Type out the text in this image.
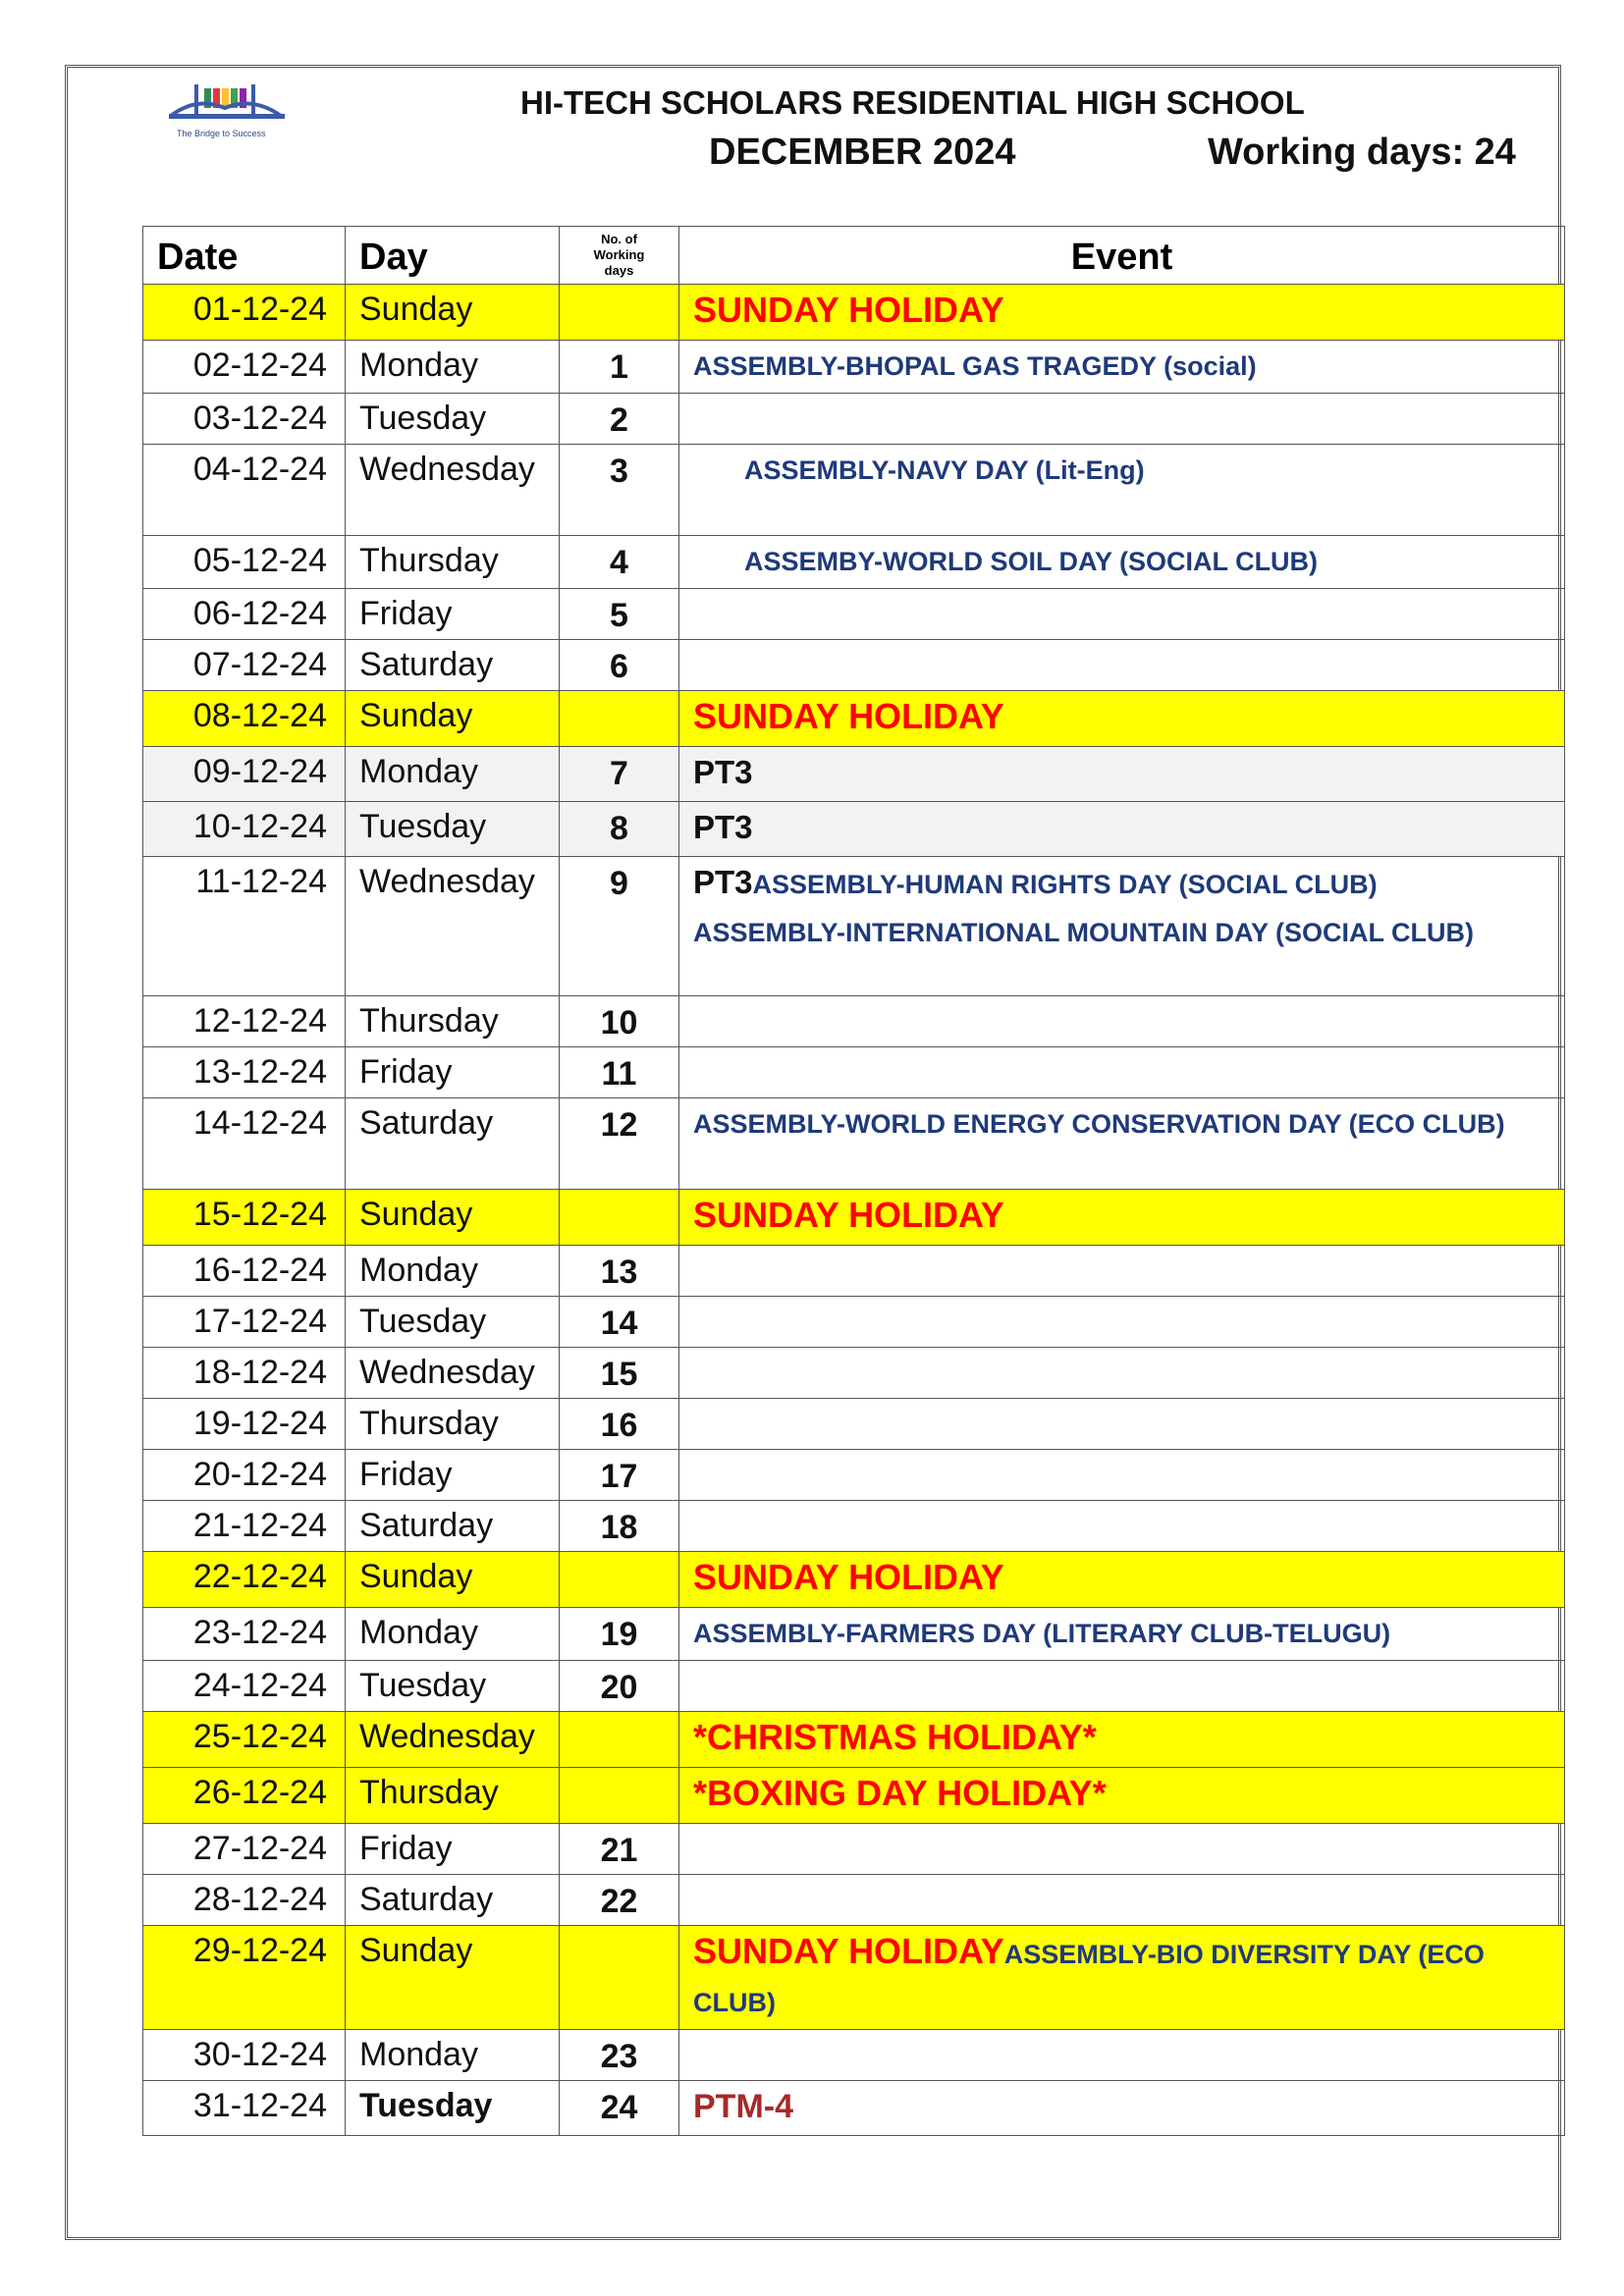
The Bridge to Success
HI-TECH SCHOLARS RESIDENTIAL HIGH SCHOOL
DECEMBER 2024	Working days: 24
Date	Day	No. of
Working
days	Event
01-12-24	Sunday		SUNDAY HOLIDAY
02-12-24	Monday	1	ASSEMBLY-BHOPAL GAS TRAGEDY (social)
03-12-24	Tuesday	2	
04-12-24	Wednesday	3	ASSEMBLY-NAVY DAY (Lit-Eng)
05-12-24	Thursday	4	ASSEMBY-WORLD SOIL DAY (SOCIAL CLUB)
06-12-24	Friday	5	
07-12-24	Saturday	6	
08-12-24	Sunday		SUNDAY HOLIDAY
09-12-24	Monday	7	PT3
10-12-24	Tuesday	8	PT3
11-12-24	Wednesday	9	PT3ASSEMBLY-HUMAN RIGHTS DAY (SOCIAL CLUB)
ASSEMBLY-INTERNATIONAL MOUNTAIN DAY (SOCIAL CLUB)
12-12-24	Thursday	10	
13-12-24	Friday	11	
14-12-24	Saturday	12	ASSEMBLY-WORLD ENERGY CONSERVATION DAY (ECO CLUB)
15-12-24	Sunday		SUNDAY HOLIDAY
16-12-24	Monday	13	
17-12-24	Tuesday	14	
18-12-24	Wednesday	15	
19-12-24	Thursday	16	
20-12-24	Friday	17	
21-12-24	Saturday	18	
22-12-24	Sunday		SUNDAY HOLIDAY
23-12-24	Monday	19	ASSEMBLY-FARMERS DAY (LITERARY CLUB-TELUGU)
24-12-24	Tuesday	20	
25-12-24	Wednesday		*CHRISTMAS HOLIDAY*
26-12-24	Thursday		*BOXING DAY HOLIDAY*
27-12-24	Friday	21	
28-12-24	Saturday	22	
29-12-24	Sunday		SUNDAY HOLIDAYASSEMBLY-BIO DIVERSITY DAY (ECO CLUB)
30-12-24	Monday	23	
31-12-24	Tuesday	24	PTM-4
